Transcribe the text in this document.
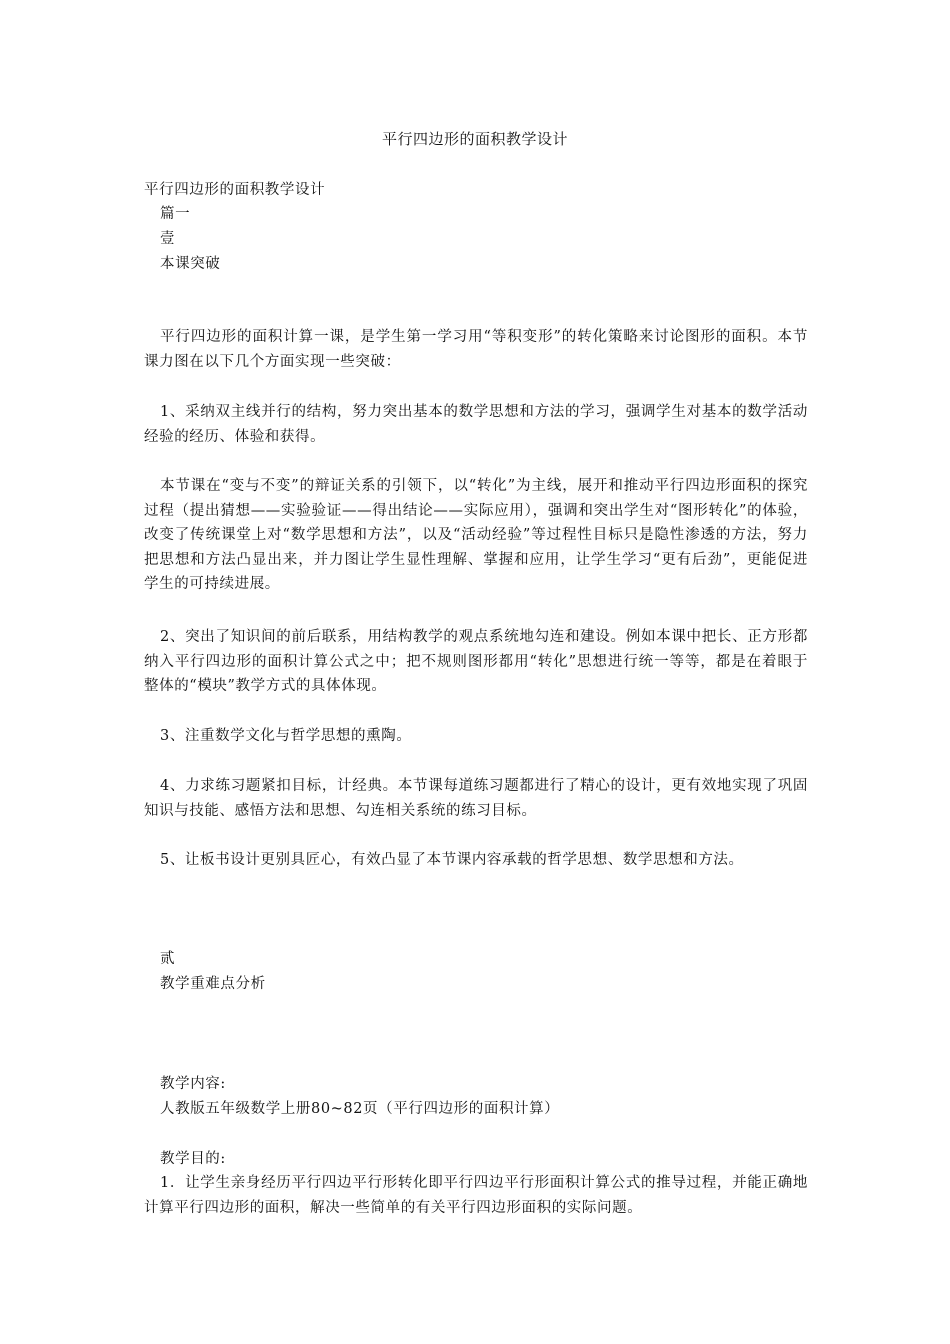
平行四边形的面积教学设计
平行四边形的面积教学设计
篇一
壹
本课突破

平行四边形的面积计算一课，是学生第一学习用“等积变形”的转化策略来讨论图形的面积。本节课力图在以下几个方面实现一些突破：

1、采纳双主线并行的结构，努力突出基本的数学思想和方法的学习，强调学生对基本的数学活动经验的经历、体验和获得。

本节课在“变与不变”的辩证关系的引领下，以“转化”为主线，展开和推动平行四边形面积的探究过程（提出猜想——实验验证——得出结论——实际应用），强调和突出学生对“图形转化”的体验，改变了传统课堂上对“数学思想和方法”，以及“活动经验”等过程性目标只是隐性渗透的方法，努力把思想和方法凸显出来，并力图让学生显性理解、掌握和应用，让学生学习“更有后劲”，更能促进学生的可持续进展。

2、突出了知识间的前后联系，用结构教学的观点系统地勾连和建设。例如本课中把长、正方形都纳入平行四边形的面积计算公式之中；把不规则图形都用“转化”思想进行统一等等，都是在着眼于整体的“模块”教学方式的具体体现。

3、注重数学文化与哲学思想的熏陶。

4、力求练习题紧扣目标，计经典。本节课每道练习题都进行了精心的设计，更有效地实现了巩固知识与技能、感悟方法和思想、勾连相关系统的练习目标。

5、让板书设计更别具匠心，有效凸显了本节课内容承载的哲学思想、数学思想和方法。

贰
教学重难点分析
教学内容:
人教版五年级数学上册80~82页（平行四边形的面积计算）
教学目的:

1．让学生亲身经历平行四边平行形转化即平行四边平行形面积计算公式的推导过程，并能正确地计算平行四边形的面积，解决一些简单的有关平行四边形面积的实际问题。
